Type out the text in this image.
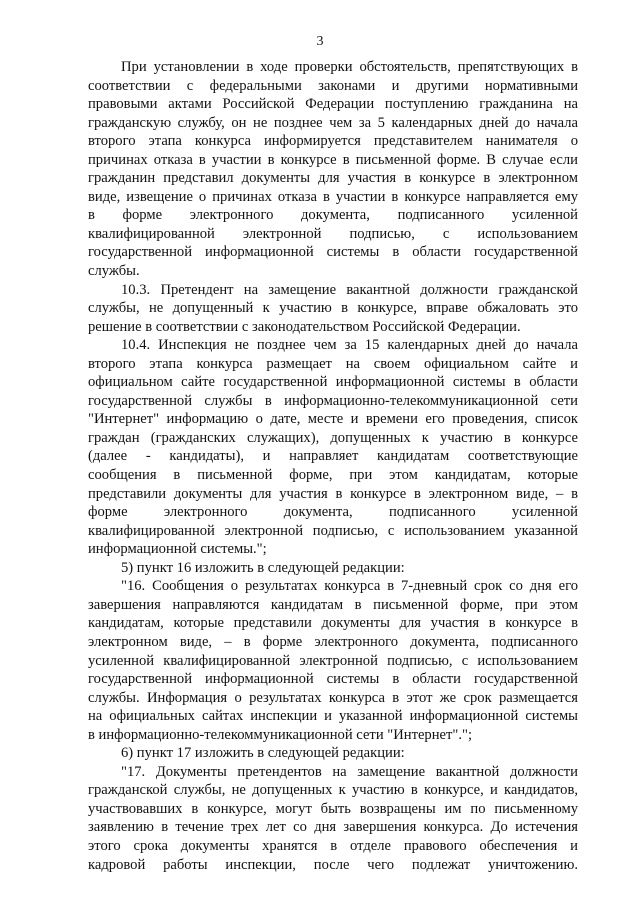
3
При установлении в ходе проверки обстоятельств, препятствующих в
соответствии с федеральными законами и другими нормативными
правовыми актами Российской Федерации поступлению гражданина на
гражданскую службу, он не позднее чем за 5 календарных дней до начала
второго этапа конкурса информируется представителем нанимателя о
причинах отказа в участии в конкурсе в письменной форме. В случае если
гражданин представил документы для участия в конкурсе в электронном
виде, извещение о причинах отказа в участии в конкурсе направляется ему
в форме электронного документа, подписанного усиленной
квалифицированной электронной подписью, с использованием
государственной информационной системы в области государственной
службы.
10.3. Претендент на замещение вакантной должности гражданской
службы, не допущенный к участию в конкурсе, вправе обжаловать это
решение в соответствии с законодательством Российской Федерации.
10.4. Инспекция не позднее чем за 15 календарных дней до начала
второго этапа конкурса размещает на своем официальном сайте и
официальном сайте государственной информационной системы в области
государственной службы в информационно-телекоммуникационной сети
"Интернет" информацию о дате, месте и времени его проведения, список
граждан (гражданских служащих), допущенных к участию в конкурсе
(далее - кандидаты), и направляет кандидатам соответствующие
сообщения в письменной форме, при этом кандидатам, которые
представили документы для участия в конкурсе в электронном виде, – в
форме электронного документа, подписанного усиленной
квалифицированной электронной подписью, с использованием указанной
информационной системы.";
5) пункт 16 изложить в следующей редакции:
"16. Сообщения о результатах конкурса в 7-дневный срок со дня его
завершения направляются кандидатам в письменной форме, при этом
кандидатам, которые представили документы для участия в конкурсе в
электронном виде, – в форме электронного документа, подписанного
усиленной квалифицированной электронной подписью, с использованием
государственной информационной системы в области государственной
службы. Информация о результатах конкурса в этот же срок размещается
на официальных сайтах инспекции и указанной информационной системы
в информационно-телекоммуникационной сети "Интернет".";
6) пункт 17 изложить в следующей редакции:
"17. Документы претендентов на замещение вакантной должности
гражданской службы, не допущенных к участию в конкурсе, и кандидатов,
участвовавших в конкурсе, могут быть возвращены им по письменному
заявлению в течение трех лет со дня завершения конкурса. До истечения
этого срока документы хранятся в отделе правового обеспечения и
кадровой работы инспекции, после чего подлежат уничтожению.
